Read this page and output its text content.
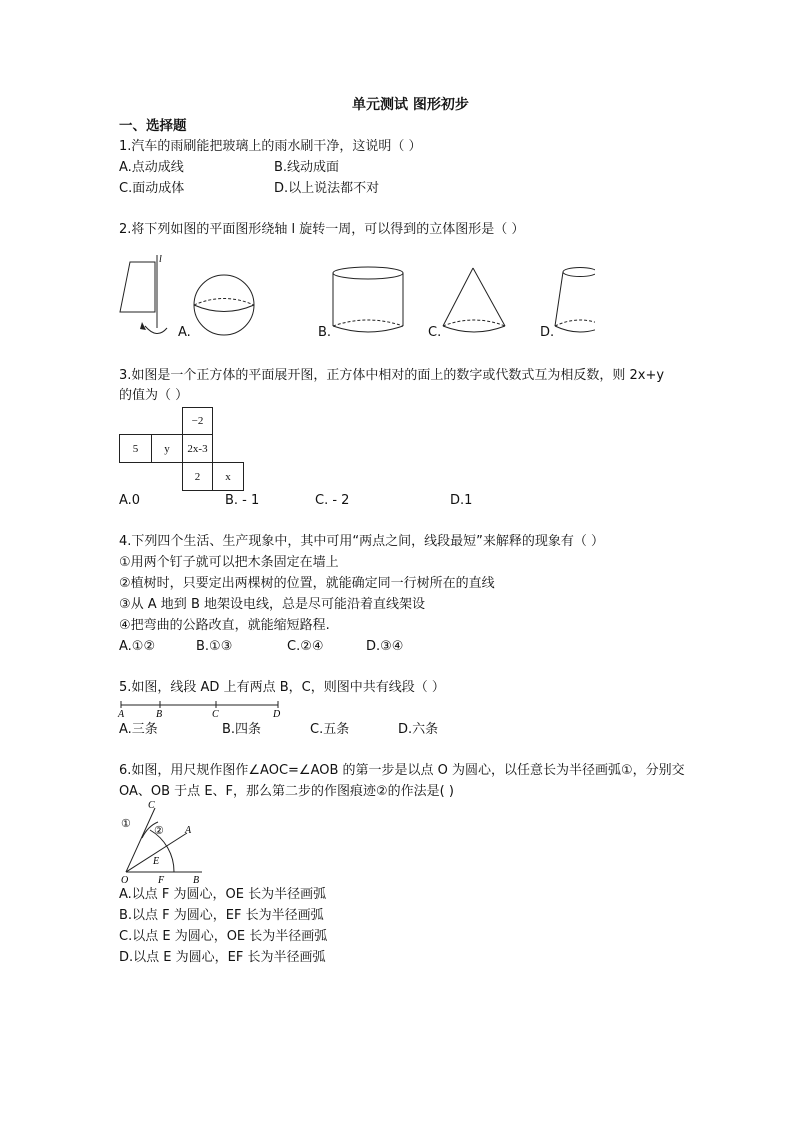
单元测试 图形初步
一、选择题
1.汽车的雨刷能把玻璃上的雨水刷干净，这说明（ ）
A.点动成线	B.线动成面
C.面动成体	D.以上说法都不对
2.将下列如图的平面图形绕轴 l 旋转一周，可以得到的立体图形是（ ）
l
A.	B.	C.	D.
3.如图是一个正方体的平面展开图，正方体中相对的面上的数字或代数式互为相反数，则 2x+y
的值为（ ）
−2
5	y	2x-3
2	x
A.0	B. - 1	C. - 2	D.1
4.下列四个生活、生产现象中，其中可用“两点之间，线段最短”来解释的现象有（ ）
①用两个钉子就可以把木条固定在墙上
②植树时，只要定出两棵树的位置，就能确定同一行树所在的直线
③从 A 地到 B 地架设电线，总是尽可能沿着直线架设
④把弯曲的公路改直，就能缩短路程.
A.①②	B.①③	C.②④	D.③④
5.如图，线段 AD 上有两点 B，C，则图中共有线段（ ）
A	B	C	D
A.三条	B.四条	C.五条	D.六条
6.如图，用尺规作图作∠AOC=∠AOB 的第一步是以点 O 为圆心，以任意长为半径画弧①，分别交
OA、OB 于点 E、F，那么第二步的作图痕迹②的作法是( )
C
①
② A
E
O	F	B
A.以点 F 为圆心，OE 长为半径画弧
B.以点 F 为圆心，EF 长为半径画弧
C.以点 E 为圆心，OE 长为半径画弧
D.以点 E 为圆心，EF 长为半径画弧
